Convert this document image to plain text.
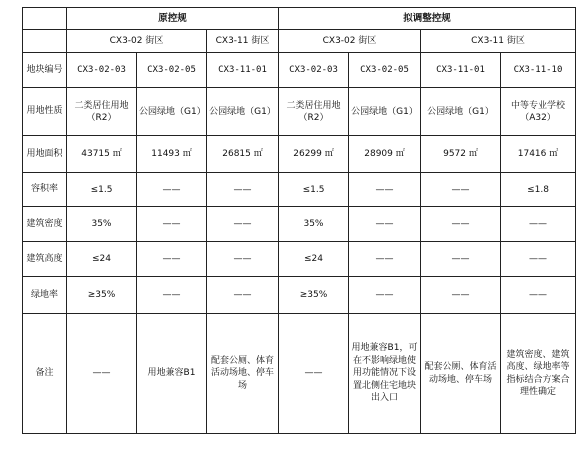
	原控规			拟调整控规			
	CX3-02 街区		CX3-11 街区	CX3-02 街区		CX3-11 街区	
地块编号	CX3-02-03	CX3-02-05	CX3-11-01	CX3-02-03	CX3-02-05	CX3-11-01	CX3-11-10
用地性质	二类居住用地（R2）	公园绿地（G1）	公园绿地（G1）	二类居住用地（R2）	公园绿地（G1）	公园绿地（G1）	中等专业学校（A32）
用地面积	43715 ㎡	11493 ㎡	26815 ㎡	26299 ㎡	28909 ㎡	9572 ㎡	17416 ㎡
容积率	≤1.5	——	——	≤1.5	——	——	≤1.8
建筑密度	35%	——	——	35%	——	——	——
建筑高度	≤24	——	——	≤24	——	——	——
绿地率	≥35%	——	——	≥35%	——	——	——
备注	——	用地兼容B1	配套公厕、体育活动场地、停车场	——	用地兼容B1，可在不影响绿地使用功能情况下设置北侧住宅地块出入口	配套公厕、体育活动场地、停车场	建筑密度、建筑高度、绿地率等指标结合方案合理性确定
